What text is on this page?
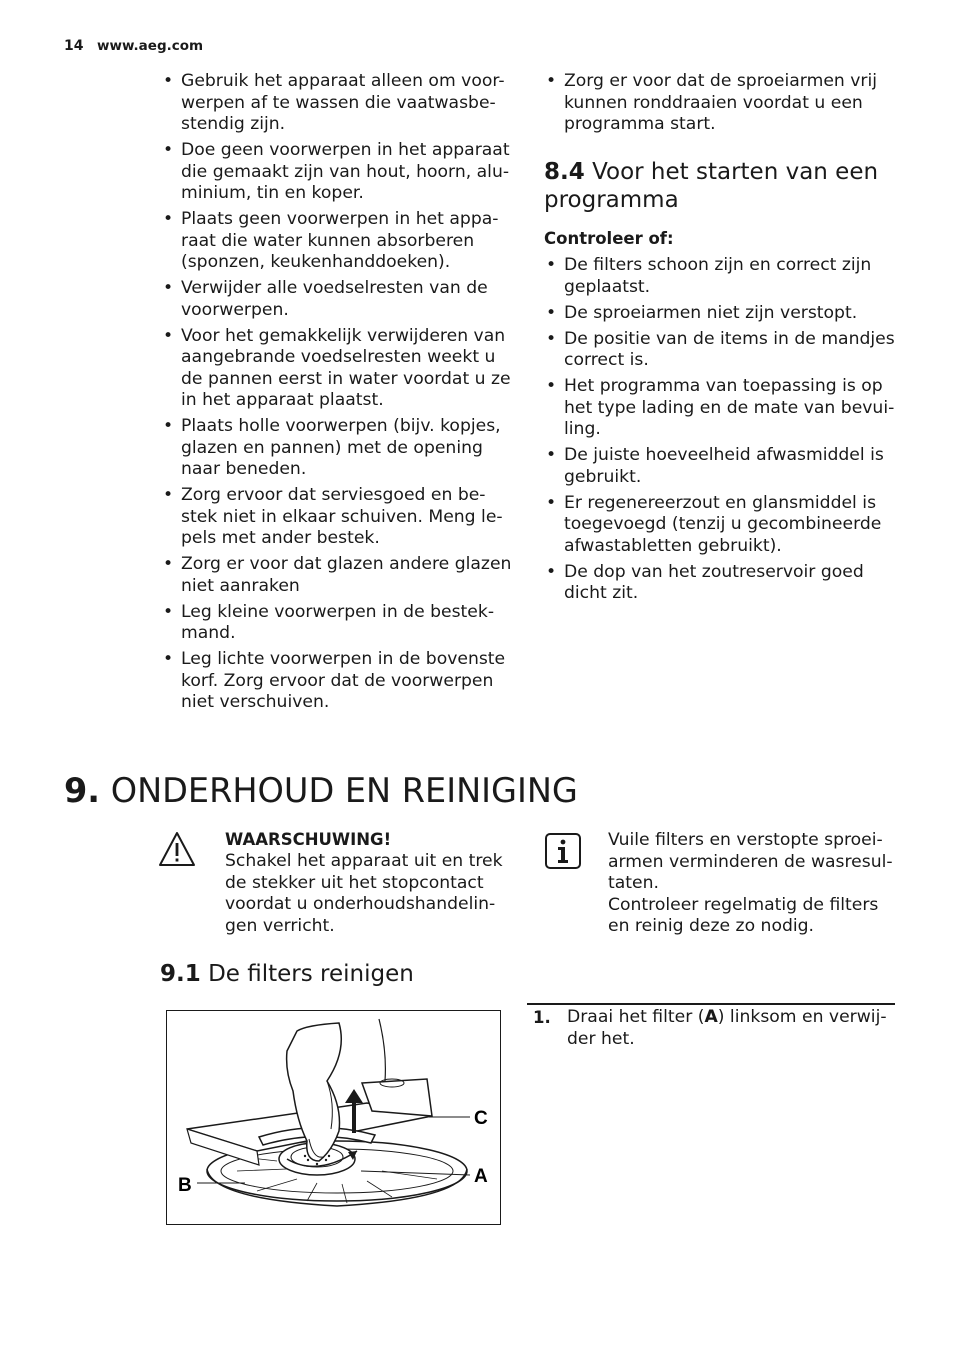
14 www.aeg.com
• Gebruik het apparaat alleen om voor-
werpen af te wassen die vaatwasbe-
stendig zijn.
• Doe geen voorwerpen in het apparaat
die gemaakt zijn van hout, hoorn, alu-
minium, tin en koper.
• Plaats geen voorwerpen in het appa-
raat die water kunnen absorberen
(sponzen, keukenhanddoeken).
• Verwijder alle voedselresten van de
voorwerpen.
• Voor het gemakkelijk verwijderen van
aangebrande voedselresten weekt u
de pannen eerst in water voordat u ze
in het apparaat plaatst.
• Plaats holle voorwerpen (bijv. kopjes,
glazen en pannen) met de opening
naar beneden.
• Zorg ervoor dat serviesgoed en be-
stek niet in elkaar schuiven. Meng le-
pels met ander bestek.
• Zorg er voor dat glazen andere glazen
niet aanraken
• Leg kleine voorwerpen in de bestek-
mand.
• Leg lichte voorwerpen in de bovenste
korf. Zorg ervoor dat de voorwerpen
niet verschuiven.
• Zorg er voor dat de sproeiarmen vrij
kunnen ronddraaien voordat u een
programma start.
8.4 Voor het starten van een
programma
Controleer of:
• De filters schoon zijn en correct zijn
geplaatst.
• De sproeiarmen niet zijn verstopt.
• De positie van de items in de mandjes
correct is.
• Het programma van toepassing is op
het type lading en de mate van bevui-
ling.
• De juiste hoeveelheid afwasmiddel is
gebruikt.
• Er regenereerzout en glansmiddel is
toegevoegd (tenzij u gecombineerde
afwastabletten gebruikt).
• De dop van het zoutreservoir goed
dicht zit.
9. ONDERHOUD EN REINIGING
WAARSCHUWING!
Schakel het apparaat uit en trek
de stekker uit het stopcontact
voordat u onderhoudshandelin-
gen verricht.
Vuile filters en verstopte sproei-
armen verminderen de wasresul-
taten.
Controleer regelmatig de filters
en reinig deze zo nodig.
9.1 De filters reinigen
C
A
B
1. Draai het filter (A) linksom en verwij-
der het.
